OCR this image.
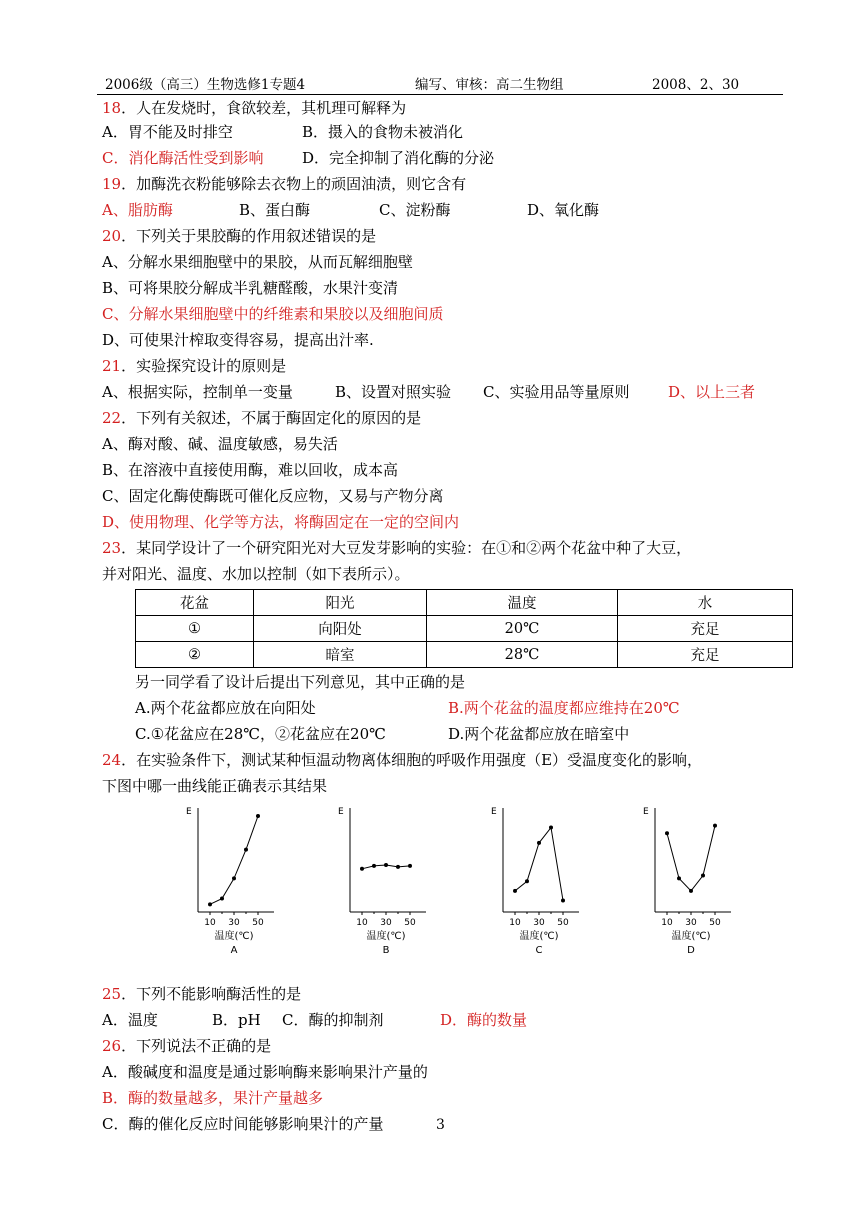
2006级（高三）生物选修1专题4	编写、审核：高二生物组	2008、2、30
18．人在发烧时，食欲较差，其机理可解释为
A．胃不能及时排空	B．摄入的食物未被消化
C．消化酶活性受到影响	D．完全抑制了消化酶的分泌
19．加酶洗衣粉能够除去衣物上的顽固油渍，则它含有
A、脂肪酶	B、蛋白酶	C、淀粉酶	D、氧化酶
20．下列关于果胶酶的作用叙述错误的是
A、分解水果细胞壁中的果胶，从而瓦解细胞壁
B、可将果胶分解成半乳糖醛酸，水果汁变清
C、分解水果细胞壁中的纤维素和果胶以及细胞间质
D、可使果汁榨取变得容易，提高出汁率.
21．实验探究设计的原则是
A、根据实际，控制单一变量	B、设置对照实验 C、实验用品等量原则	D、以上三者
22．下列有关叙述，不属于酶固定化的原因的是
A、酶对酸、碱、温度敏感，易失活
B、在溶液中直接使用酶，难以回收，成本高
C、固定化酶使酶既可催化反应物，又易与产物分离
D、使用物理、化学等方法，将酶固定在一定的空间内
23．某同学设计了一个研究阳光对大豆发芽影响的实验：在①和②两个花盆中种了大豆，
并对阳光、温度、水加以控制（如下表所示）。
花盆	阳光	温度	水
①	向阳处	20℃	充足
②	暗室	28℃	充足
另一同学看了设计后提出下列意见，其中正确的是
A.两个花盆都应放在向阳处	B.两个花盆的温度都应维持在20℃
C.①花盆应在28℃，②花盆应在20℃	D.两个花盆都应放在暗室中
24．在实验条件下，测试某种恒温动物离体细胞的呼吸作用强度（E）受温度变化的影响，
下图中哪一曲线能正确表示其结果
E
10 30 50
温度(℃)
A
E
10 30 50
温度(℃)
B
E
10 30 50
温度(℃)
C
E
10 30 50
温度(℃)
D
25．下列不能影响酶活性的是
A．温度	B．pH C．酶的抑制剂	D．酶的数量
26．下列说法不正确的是
A．酸碱度和温度是通过影响酶来影响果汁产量的
B．酶的数量越多，果汁产量越多
C．酶的催化反应时间能够影响果汁的产量	3
